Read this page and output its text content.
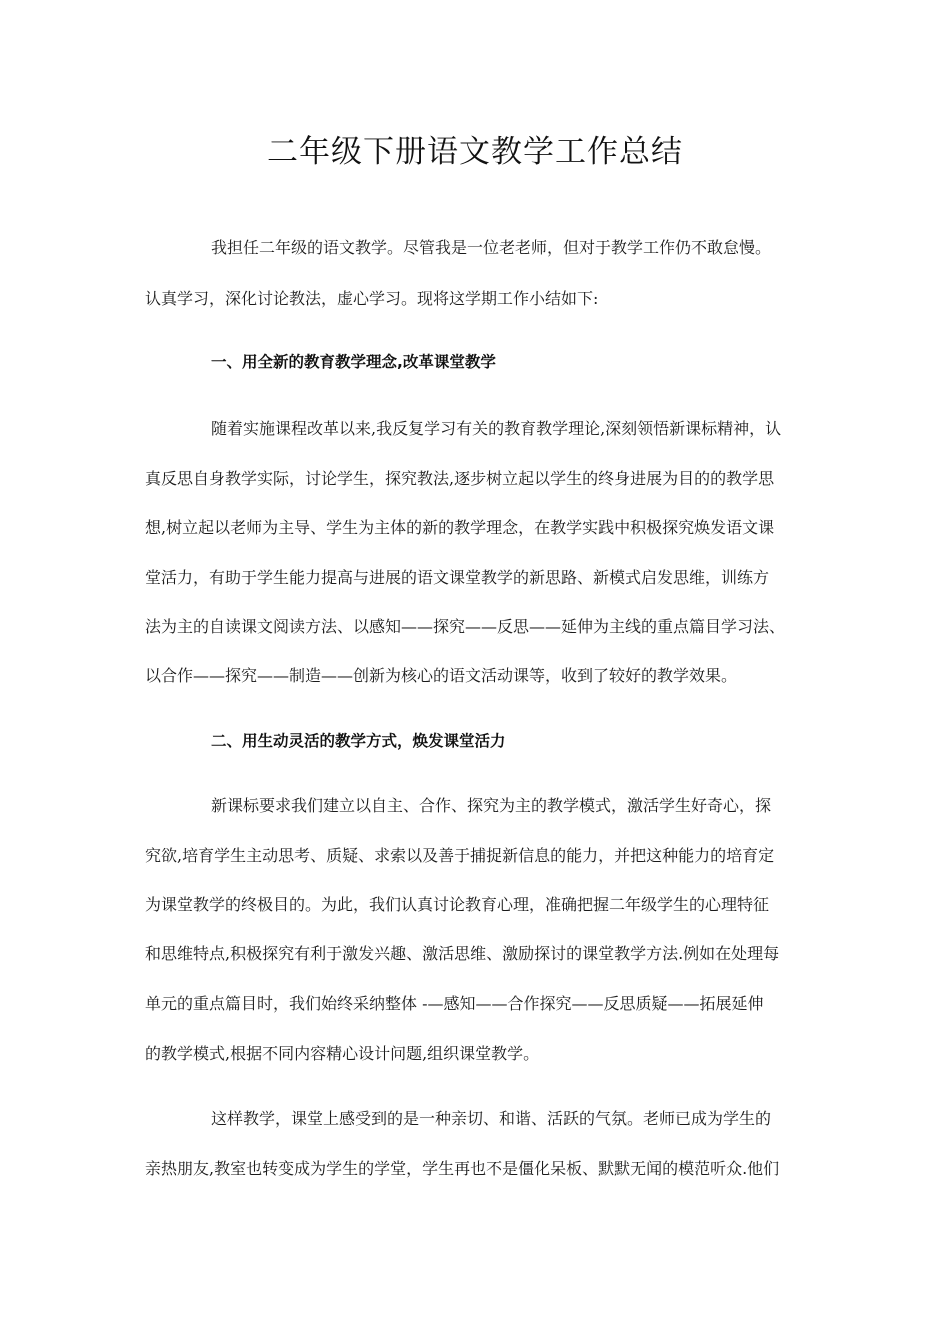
二年级下册语文教学工作总结
我担任二年级的语文教学。尽管我是一位老老师，但对于教学工作仍不敢怠慢。
认真学习，深化讨论教法，虚心学习。现将这学期工作小结如下:
一、用全新的教育教学理念,改革课堂教学
随着实施课程改革以来,我反复学习有关的教育教学理论,深刻领悟新课标精神，认
真反思自身教学实际，讨论学生，探究教法,逐步树立起以学生的终身进展为目的的教学思
想,树立起以老师为主导、学生为主体的新的教学理念，在教学实践中积极探究焕发语文课
堂活力，有助于学生能力提高与进展的语文课堂教学的新思路、新模式启发思维，训练方
法为主的自读课文阅读方法、以感知——探究——反思——延伸为主线的重点篇目学习法、
以合作——探究——制造——创新为核心的语文活动课等，收到了较好的教学效果。
二、用生动灵活的教学方式，焕发课堂活力
新课标要求我们建立以自主、合作、探究为主的教学模式，激活学生好奇心，探
究欲,培育学生主动思考、质疑、求索以及善于捕捉新信息的能力，并把这种能力的培育定
为课堂教学的终极目的。为此，我们认真讨论教育心理，准确把握二年级学生的心理特征
和思维特点,积极探究有利于激发兴趣、激活思维、激励探讨的课堂教学方法.例如在处理每
单元的重点篇目时，我们始终采纳整体 -—感知——合作探究——反思质疑——拓展延伸
的教学模式,根据不同内容精心设计问题,组织课堂教学。
这样教学，课堂上感受到的是一种亲切、和谐、活跃的气氛。老师已成为学生的
亲热朋友,教室也转变成为学生的学堂，学生再也不是僵化呆板、默默无闻的模范听众.他们
